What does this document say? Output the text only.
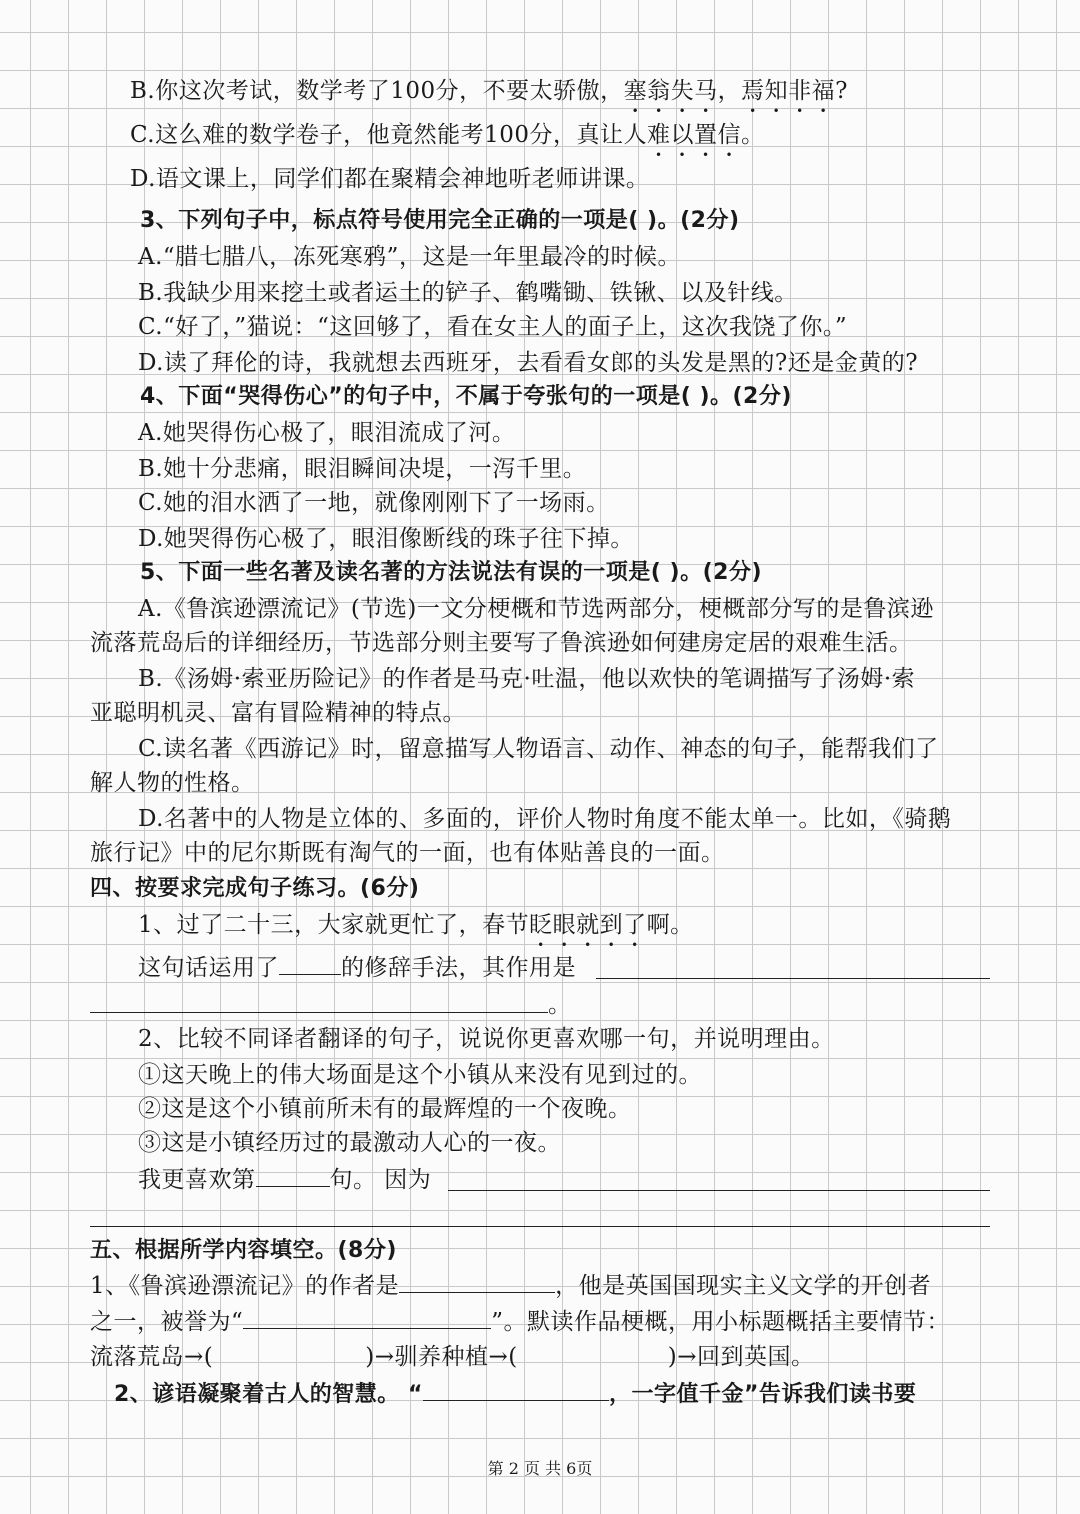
B.你这次考试，数学考了100分，不要太骄傲，塞翁失马，焉知非福?
C.这么难的数学卷子，他竟然能考100分，真让人难以置信。
D.语文课上，同学们都在聚精会神地听老师讲课。
3、下列句子中，标点符号使用完全正确的一项是( )。(2分)
A.“腊七腊八，冻死寒鸦”，这是一年里最冷的时候。
B.我缺少用来挖土或者运土的铲子、鹤嘴锄、铁锹、以及针线。
C.“好了，”猫说：“这回够了，看在女主人的面子上，这次我饶了你。”
D.读了拜伦的诗，我就想去西班牙，去看看女郎的头发是黑的?还是金黄的?
4、下面“哭得伤心”的句子中，不属于夸张句的一项是( )。(2分)
A.她哭得伤心极了，眼泪流成了河。
B.她十分悲痛，眼泪瞬间决堤，一泻千里。
C.她的泪水洒了一地，就像刚刚下了一场雨。
D.她哭得伤心极了，眼泪像断线的珠子往下掉。
5、下面一些名著及读名著的方法说法有误的一项是( )。(2分)
A.《鲁滨逊漂流记》(节选)一文分梗概和节选两部分，梗概部分写的是鲁滨逊
流落荒岛后的详细经历，节选部分则主要写了鲁滨逊如何建房定居的艰难生活。
B.《汤姆·索亚历险记》的作者是马克·吐温，他以欢快的笔调描写了汤姆·索
亚聪明机灵、富有冒险精神的特点。
C.读名著《西游记》时，留意描写人物语言、动作、神态的句子，能帮我们了
解人物的性格。
D.名著中的人物是立体的、多面的，评价人物时角度不能太单一。比如，《骑鹅
旅行记》中的尼尔斯既有淘气的一面，也有体贴善良的一面。
四、按要求完成句子练习。(6分)
1、过了二十三，大家就更忙了，春节眨眼就到了啊。
这句话运用了	的修辞手法，其作用是
。
2、比较不同译者翻译的句子，说说你更喜欢哪一句，并说明理由。
①这天晚上的伟大场面是这个小镇从来没有见到过的。
②这是这个小镇前所未有的最辉煌的一个夜晚。
③这是小镇经历过的最激动人心的一夜。
我更喜欢第	句。 因为
五、根据所学内容填空。(8分)
1、《鲁滨逊漂流记》的作者是	，他是英国国现实主义文学的开创者
之一，被誉为“	”。默读作品梗概，用小标题概括主要情节：
流落荒岛→(	)→驯养种植→(	)→回到英国。
2、谚语凝聚着古人的智慧。 “	，一字值千金”告诉我们读书要
第 2 页 共 6页
